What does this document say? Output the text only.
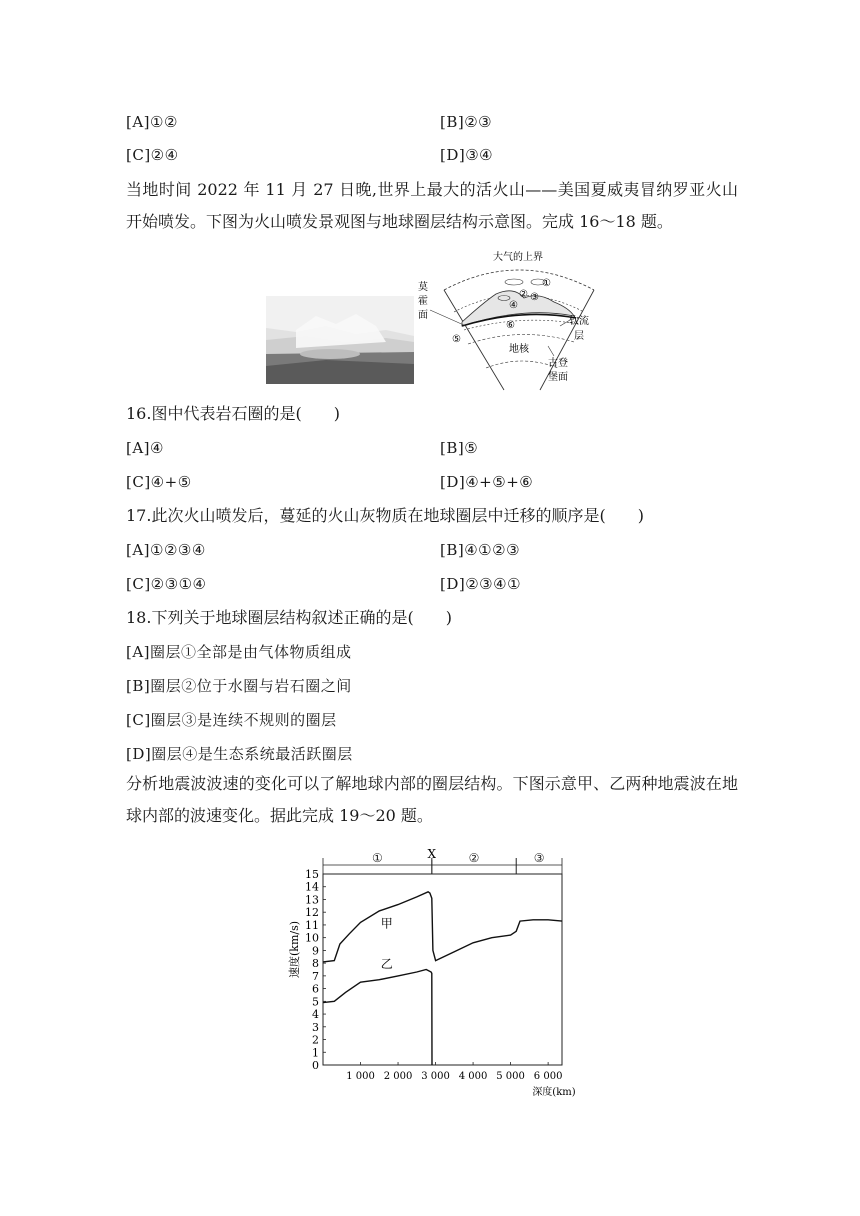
[A]①②	[B]②③
[C]②④	[D]③④
当地时间 2022 年 11 月 27 日晚,世界上最大的活火山——美国夏威夷冒纳罗亚火山开始喷发。下图为火山喷发景观图与地球圈层结构示意图。完成 16～18 题。
大气的上界
①
② ③
④
⑤
⑥
莫
霍
面
地核
软流
层
古登
堡面
16.图中代表岩石圈的是(　　)
[A]④	[B]⑤
[C]④+⑤	[D]④+⑤+⑥
17.此次火山喷发后，蔓延的火山灰物质在地球圈层中迁移的顺序是(　　)
[A]①②③④	[B]④①②③
[C]②③①④	[D]②③④①
18.下列关于地球圈层结构叙述正确的是(　　)
[A]圈层①全部是由气体物质组成
[B]圈层②位于水圈与岩石圈之间
[C]圈层③是连续不规则的圈层
[D]圈层④是生态系统最活跃圈层
分析地震波波速的变化可以了解地球内部的圈层结构。下图示意甲、乙两种地震波在地球内部的波速变化。据此完成 19～20 题。
0
1
2
3
4
5
6
7
8
9
10
11
12
13
14
15
1 000 2 000 3 000 4 000 5 000 6 000
深度(km)
速度(km/s)
①	X	②	③
甲
乙
